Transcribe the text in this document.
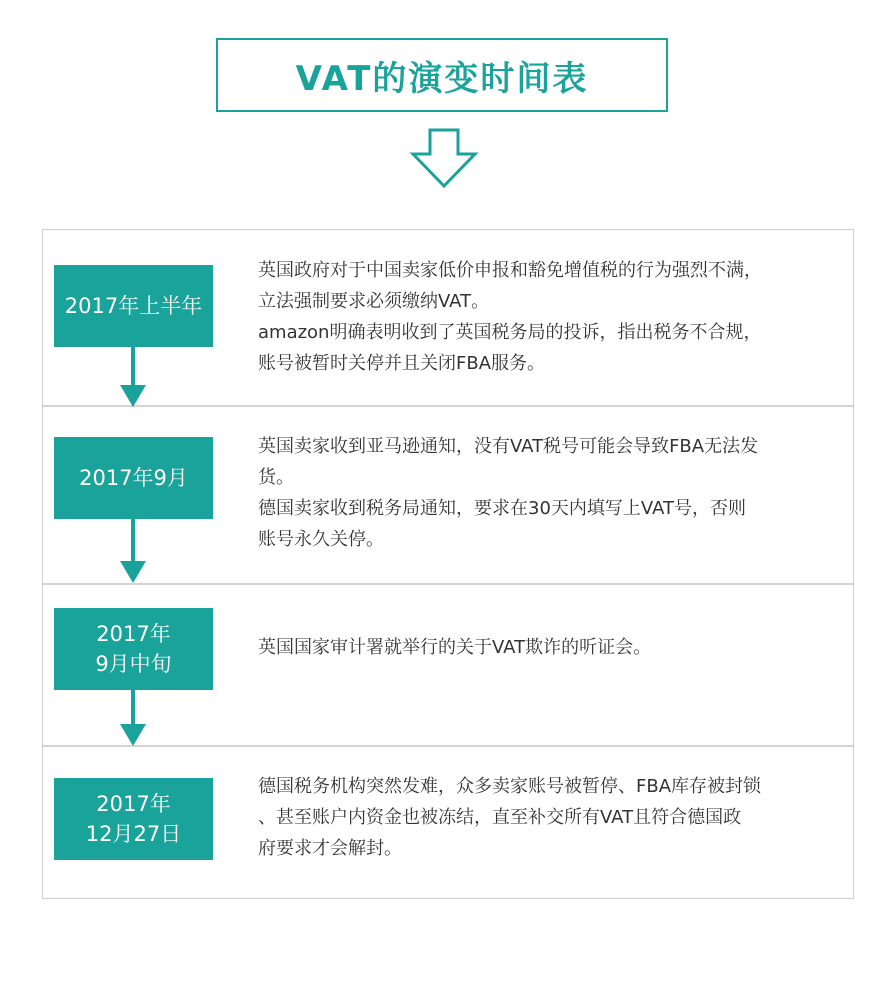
VAT的演变时间表
2017年上半年

英国政府对于中国卖家低价申报和豁免增值税的行为强烈不满，

立法强制要求必须缴纳VAT。

amazon明确表明收到了英国税务局的投诉，指出税务不合规，

账号被暂时关停并且关闭FBA服务。

2017年9月

英国卖家收到亚马逊通知，没有VAT税号可能会导致FBA无法发

货。

德国卖家收到税务局通知，要求在30天内填写上VAT号，否则

账号永久关停。

2017年
9月中旬

英国国家审计署就举行的关于VAT欺诈的听证会。

2017年
12月27日

德国税务机构突然发难，众多卖家账号被暂停、FBA库存被封锁

、甚至账户内资金也被冻结，直至补交所有VAT且符合德国政

府要求才会解封。
